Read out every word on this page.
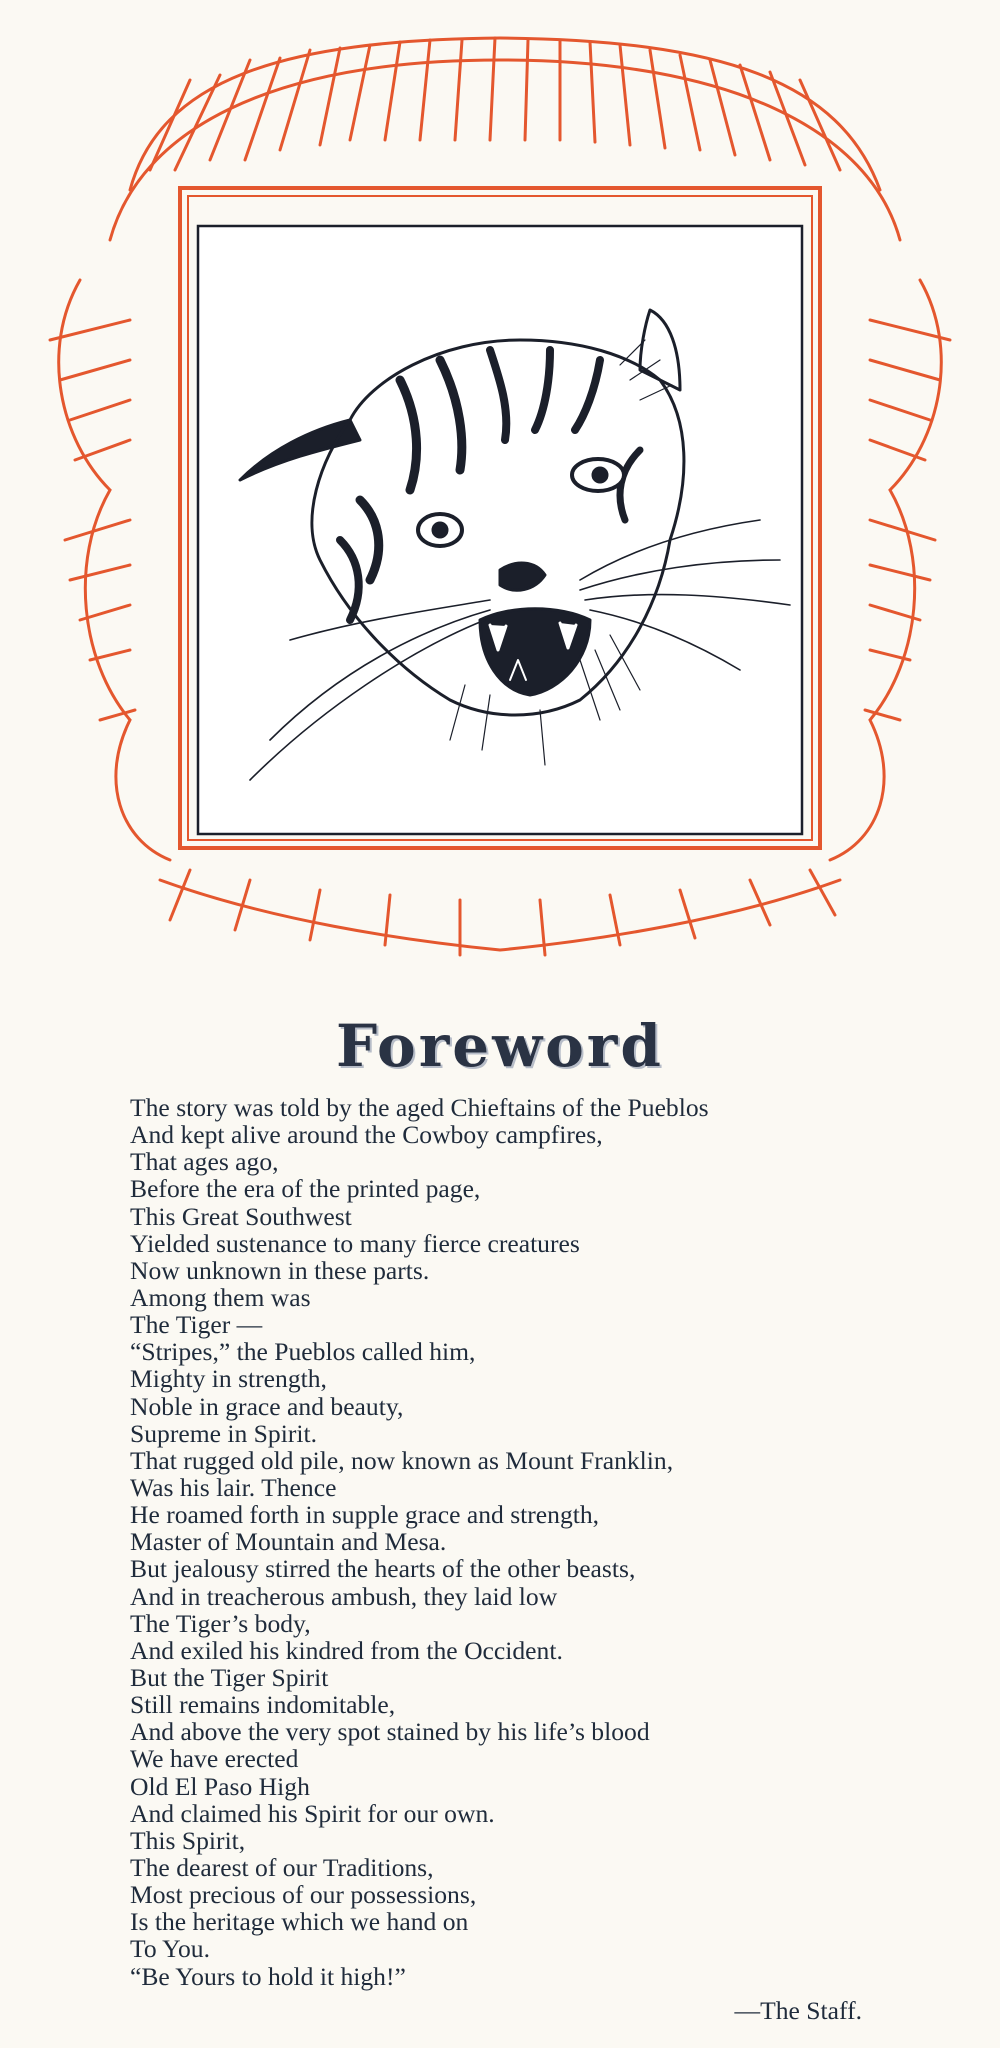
Foreword
The story was told by the aged Chieftains of the Pueblos
And kept alive around the Cowboy campfires,
That ages ago,
Before the era of the printed page,
This Great Southwest
Yielded sustenance to many fierce creatures
Now unknown in these parts.
Among them was
The Tiger —
“Stripes,” the Pueblos called him,
Mighty in strength,
Noble in grace and beauty,
Supreme in Spirit.
That rugged old pile, now known as Mount Franklin,
Was his lair. Thence
He roamed forth in supple grace and strength,
Master of Mountain and Mesa.
But jealousy stirred the hearts of the other beasts,
And in treacherous ambush, they laid low
The Tiger’s body,
And exiled his kindred from the Occident.
But the Tiger Spirit
Still remains indomitable,
And above the very spot stained by his life’s blood
We have erected
Old El Paso High
And claimed his Spirit for our own.
This Spirit,
The dearest of our Traditions,
Most precious of our possessions,
Is the heritage which we hand on
To You.
“Be Yours to hold it high!”
—The Staff.
